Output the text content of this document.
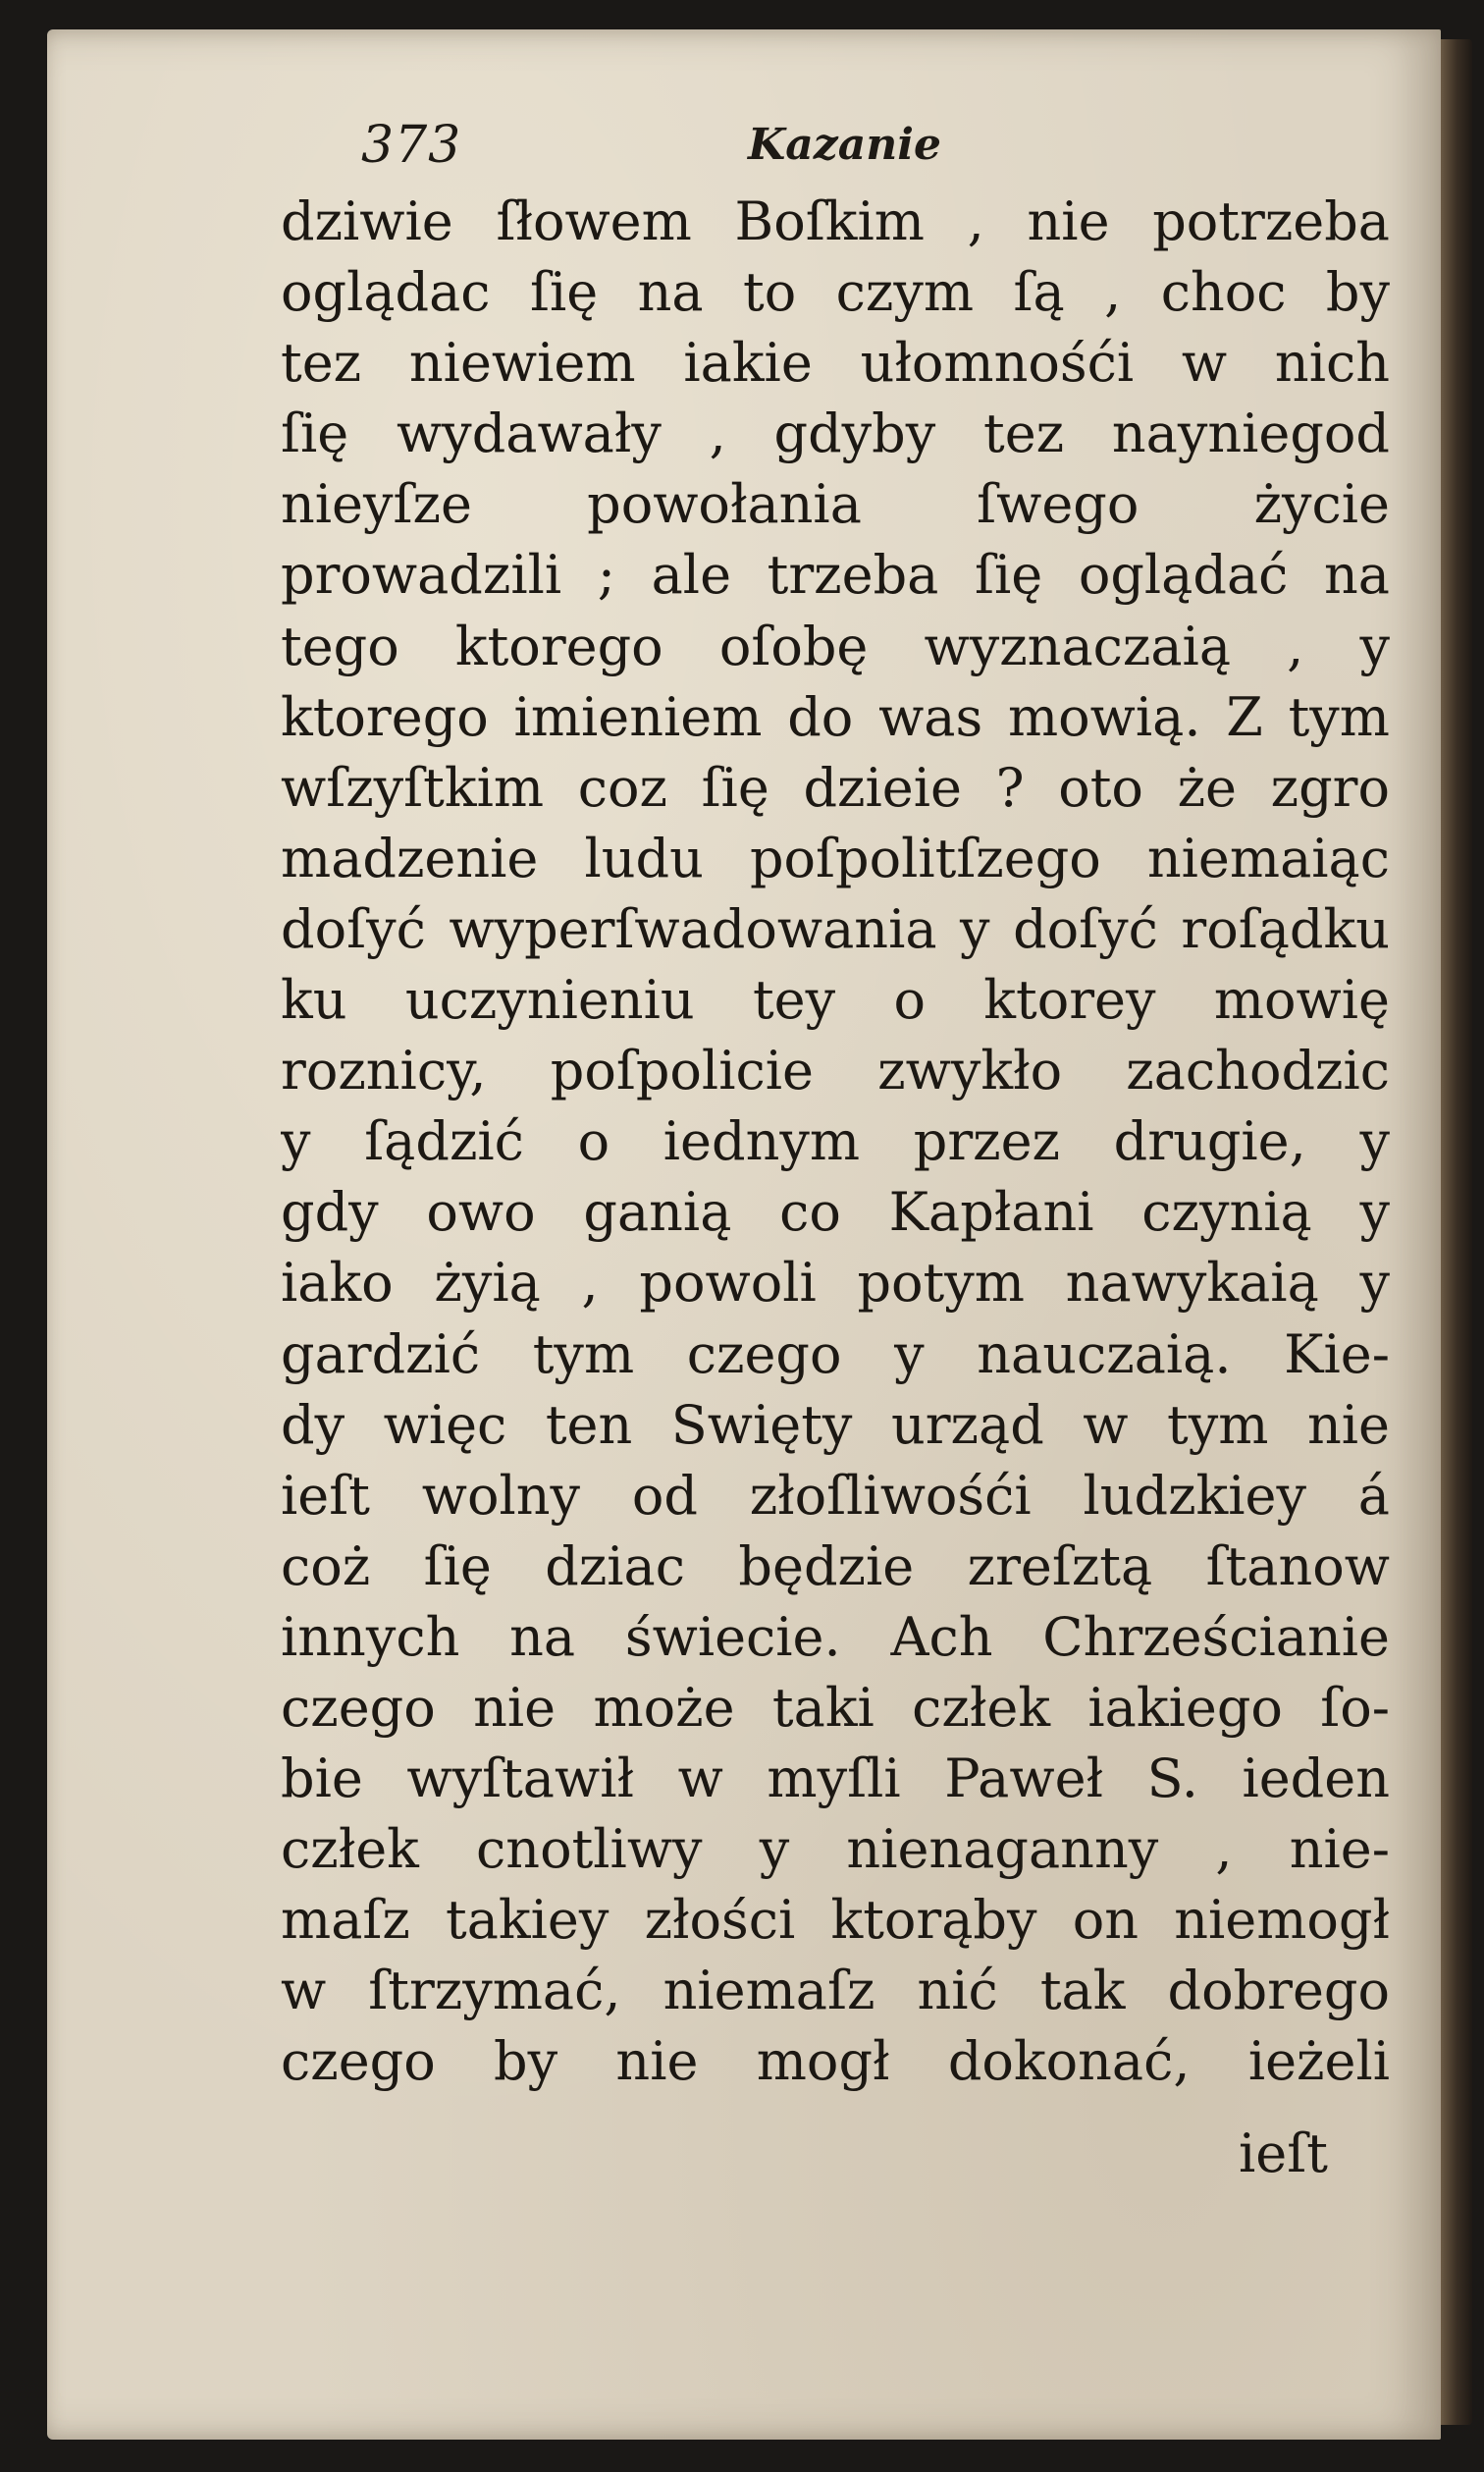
373	Kazanie
dziwie ſłowem Boſkim , nie potrzeba
oglądac ſię na to czym ſą , choc by
tez niewiem iakie ułomnośći w nich
ſię wydawały , gdyby tez nayniegod
nieyſze powołania ſwego życie
prowadzili ; ale trzeba ſię oglądać na
tego ktorego oſobę wyznaczaią , y
ktorego imieniem do was mowią. Z tym
wſzyſtkim coz ſię dzieie ? oto że zgro
madzenie ludu poſpolitſzego niemaiąc
doſyć wyperſwadowania y doſyć roſądku
ku uczynieniu tey o ktorey mowię
roznicy, poſpolicie zwykło zachodzic
y ſądzić o iednym przez drugie, y
gdy owo ganią co Kapłani czynią y
iako żyią , powoli potym nawykaią y
gardzić tym czego y nauczaią. Kie-
dy więc ten Swięty urząd w tym nie
ieſt wolny od złoſliwośći ludzkiey á
coż ſię dziac będzie zreſztą ſtanow
innych na świecie. Ach Chrześcianie
czego nie może taki człek iakiego ſo-
bie wyſtawił w myſli Paweł S. ieden
człek cnotliwy y nienaganny , nie-
maſz takiey złości ktorąby on niemogł
w ſtrzymać, niemaſz nić tak dobrego
czego by nie mogł dokonać, ieżeli
ieſt
